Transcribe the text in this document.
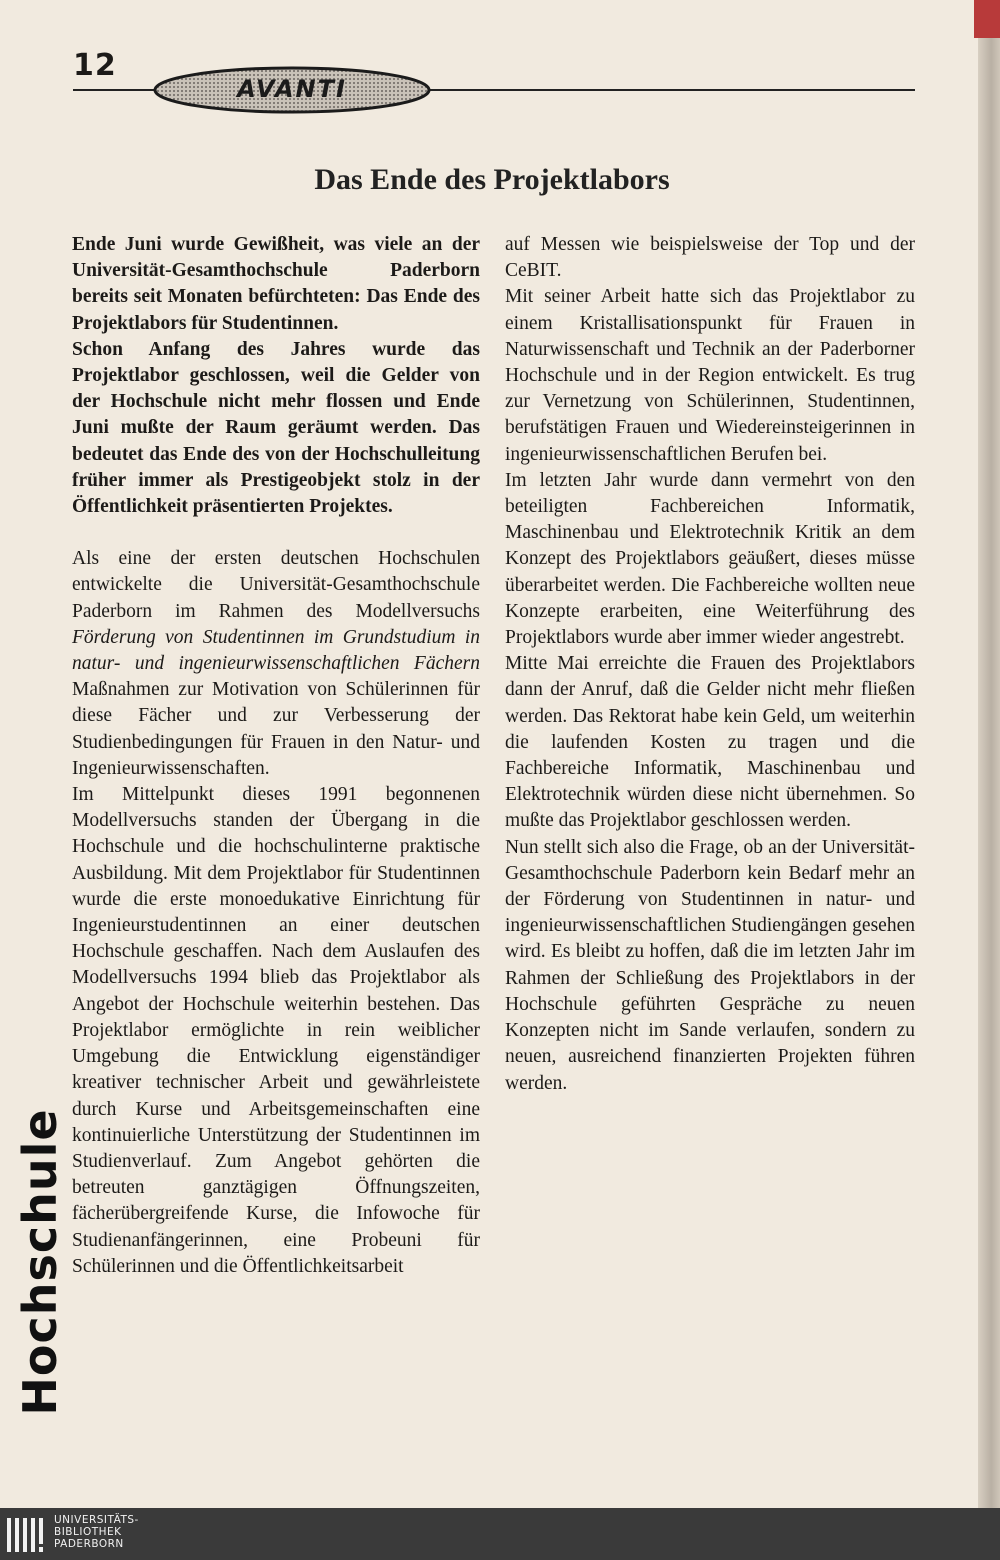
12
AVANTI
Das Ende des Projektlabors

Ende Juni wurde Gewißheit, was viele an der Universität-Gesamthochschule Paderborn bereits seit Monaten befürchteten: Das Ende des Projektlabors für Studentinnen.

Schon Anfang des Jahres wurde das Projektlabor geschlossen, weil die Gelder von der Hochschule nicht mehr flossen und Ende Juni mußte der Raum geräumt werden. Das bedeutet das Ende des von der Hochschulleitung früher immer als Prestigeobjekt stolz in der Öffentlichkeit präsentierten Projektes.

Als eine der ersten deutschen Hochschulen entwickelte die Universität-Gesamthochschule Paderborn im Rahmen des Modellversuchs Förderung von Studentinnen im Grundstudium in natur- und ingenieurwissenschaftlichen Fächern Maßnahmen zur Motivation von Schülerinnen für diese Fächer und zur Verbesserung der Studienbedingungen für Frauen in den Natur- und Ingenieurwissenschaften.

Im Mittelpunkt dieses 1991 begonnenen Modellversuchs standen der Übergang in die Hochschule und die hochschulinterne praktische Ausbildung. Mit dem Projektlabor für Studentinnen wurde die erste monoedukative Einrichtung für Ingenieurstudentinnen an einer deutschen Hochschule geschaffen. Nach dem Auslaufen des Modellversuchs 1994 blieb das Projektlabor als Angebot der Hochschule weiterhin bestehen. Das Projektlabor ermöglichte in rein weiblicher Umgebung die Entwicklung eigenständiger kreativer technischer Arbeit und gewährleistete durch Kurse und Arbeitsgemeinschaften eine kontinuierliche Unterstützung der Studentinnen im Studienverlauf. Zum Angebot gehörten die betreuten ganztägigen Öffnungszeiten, fächerübergreifende Kurse, die Infowoche für Studienanfängerinnen, eine Probeuni für Schülerinnen und die Öffentlichkeitsarbeit

auf Messen wie beispielsweise der Top und der CeBIT.

Mit seiner Arbeit hatte sich das Projektlabor zu einem Kristallisationspunkt für Frauen in Naturwissenschaft und Technik an der Paderborner Hochschule und in der Region entwickelt. Es trug zur Vernetzung von Schülerinnen, Studentinnen, berufstätigen Frauen und Wiedereinsteigerinnen in ingenieurwissenschaftlichen Berufen bei.

Im letzten Jahr wurde dann vermehrt von den beteiligten Fachbereichen Informatik, Maschinenbau und Elektrotechnik Kritik an dem Konzept des Projektlabors geäußert, dieses müsse überarbeitet werden. Die Fachbereiche wollten neue Konzepte erarbeiten, eine Weiterführung des Projektlabors wurde aber immer wieder angestrebt.

Mitte Mai erreichte die Frauen des Projektlabors dann der Anruf, daß die Gelder nicht mehr fließen werden. Das Rektorat habe kein Geld, um weiterhin die laufenden Kosten zu tragen und die Fachbereiche Informatik, Maschinenbau und Elektrotechnik würden diese nicht übernehmen. So mußte das Projektlabor geschlossen werden.

Nun stellt sich also die Frage, ob an der Universität-Gesamthochschule Paderborn kein Bedarf mehr an der Förderung von Studentinnen in natur- und ingenieurwissenschaftlichen Studiengängen gesehen wird. Es bleibt zu hoffen, daß die im letzten Jahr im Rahmen der Schließung des Projektlabors in der Hochschule geführten Gespräche zu neuen Konzepten nicht im Sande verlaufen, sondern zu neuen, ausreichend finanzierten Projekten führen werden.

Hochschule
UNIVERSITÄTS-
BIBLIOTHEK
PADERBORN
